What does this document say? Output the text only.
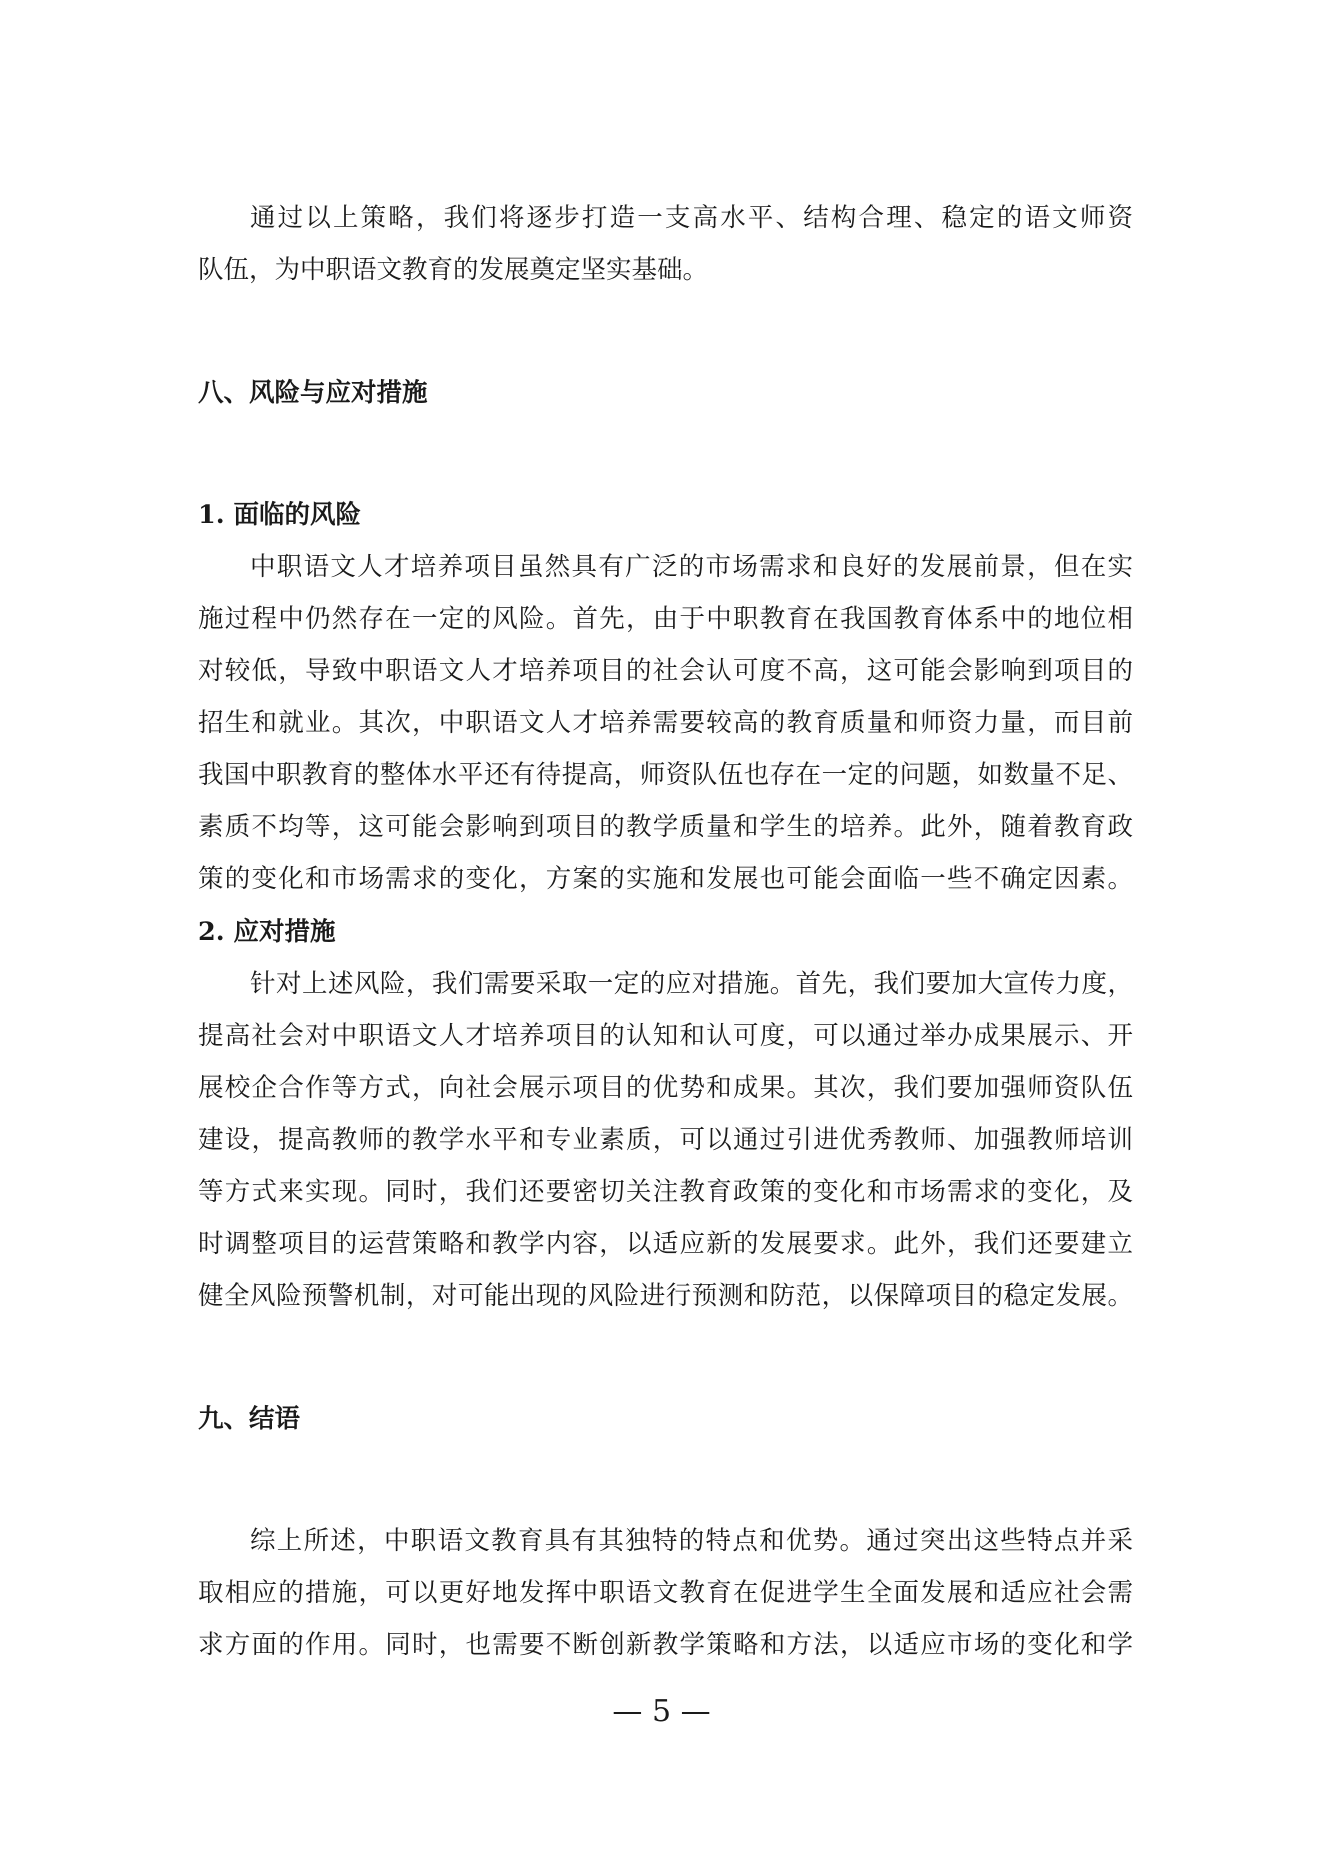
通过以上策略，我们将逐步打造一支高水平、结构合理、稳定的语文师资
队伍，为中职语文教育的发展奠定坚实基础。
八、风险与应对措施
1. 面临的风险
中职语文人才培养项目虽然具有广泛的市场需求和良好的发展前景，但在实
施过程中仍然存在一定的风险。首先，由于中职教育在我国教育体系中的地位相
对较低，导致中职语文人才培养项目的社会认可度不高，这可能会影响到项目的
招生和就业。其次，中职语文人才培养需要较高的教育质量和师资力量，而目前
我国中职教育的整体水平还有待提高，师资队伍也存在一定的问题，如数量不足、
素质不均等，这可能会影响到项目的教学质量和学生的培养。此外，随着教育政
策的变化和市场需求的变化，方案的实施和发展也可能会面临一些不确定因素。
2. 应对措施
针对上述风险，我们需要采取一定的应对措施。首先，我们要加大宣传力度，
提高社会对中职语文人才培养项目的认知和认可度，可以通过举办成果展示、开
展校企合作等方式，向社会展示项目的优势和成果。其次，我们要加强师资队伍
建设，提高教师的教学水平和专业素质，可以通过引进优秀教师、加强教师培训
等方式来实现。同时，我们还要密切关注教育政策的变化和市场需求的变化，及
时调整项目的运营策略和教学内容，以适应新的发展要求。此外，我们还要建立
健全风险预警机制，对可能出现的风险进行预测和防范，以保障项目的稳定发展。
九、结语
综上所述，中职语文教育具有其独特的特点和优势。通过突出这些特点并采
取相应的措施，可以更好地发挥中职语文教育在促进学生全面发展和适应社会需
求方面的作用。同时，也需要不断创新教学策略和方法，以适应市场的变化和学
— 5 —
